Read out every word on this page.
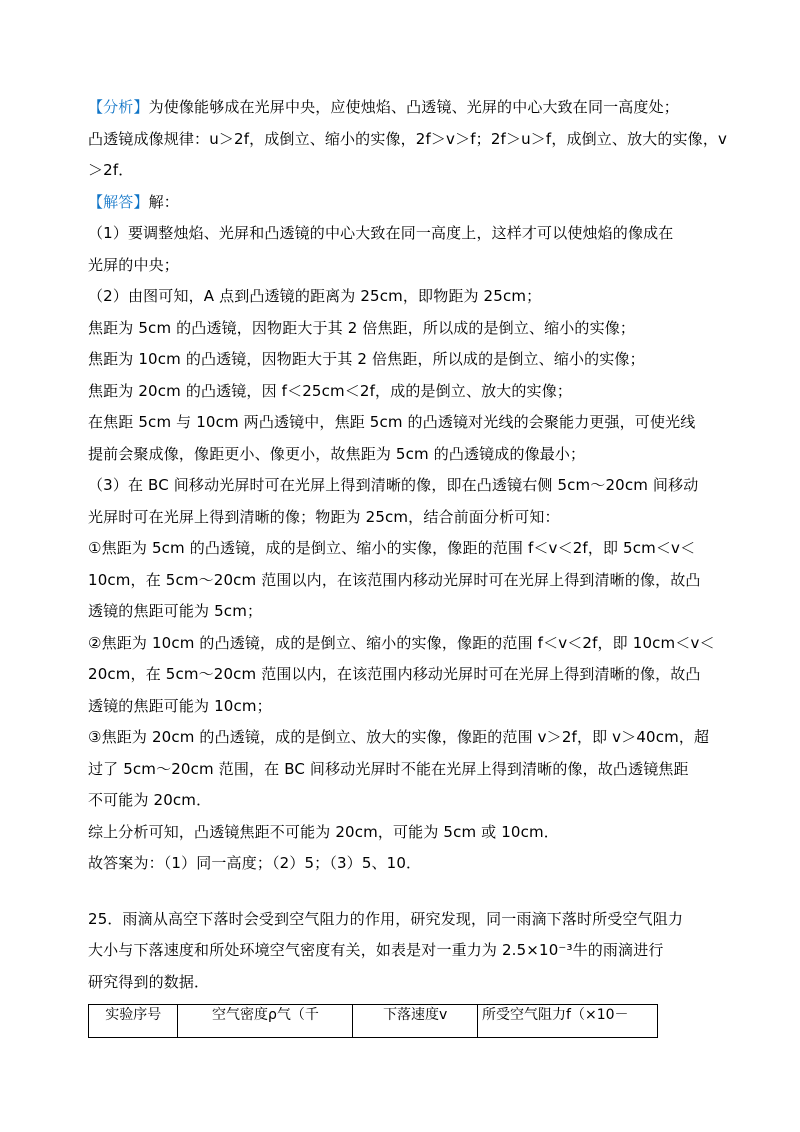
【分析】为使像能够成在光屏中央，应使烛焰、凸透镜、光屏的中心大致在同一高度处；
凸透镜成像规律：u＞2f，成倒立、缩小的实像，2f＞v＞f；2f＞u＞f，成倒立、放大的实像，v
＞2f．
【解答】解：
（1）要调整烛焰、光屏和凸透镜的中心大致在同一高度上，这样才可以使烛焰的像成在
光屏的中央；
（2）由图可知，A 点到凸透镜的距离为 25cm，即物距为 25cm；
焦距为 5cm 的凸透镜，因物距大于其 2 倍焦距，所以成的是倒立、缩小的实像；
焦距为 10cm 的凸透镜，因物距大于其 2 倍焦距，所以成的是倒立、缩小的实像；
焦距为 20cm 的凸透镜，因 f＜25cm＜2f，成的是倒立、放大的实像；
在焦距 5cm 与 10cm 两凸透镜中，焦距 5cm 的凸透镜对光线的会聚能力更强，可使光线
提前会聚成像，像距更小、像更小，故焦距为 5cm 的凸透镜成的像最小；
（3）在 BC 间移动光屏时可在光屏上得到清晰的像，即在凸透镜右侧 5cm～20cm 间移动
光屏时可在光屏上得到清晰的像；物距为 25cm，结合前面分析可知：
①焦距为 5cm 的凸透镜，成的是倒立、缩小的实像，像距的范围 f＜v＜2f，即 5cm＜v＜
10cm，在 5cm～20cm 范围以内，在该范围内移动光屏时可在光屏上得到清晰的像，故凸
透镜的焦距可能为 5cm；
②焦距为 10cm 的凸透镜，成的是倒立、缩小的实像，像距的范围 f＜v＜2f，即 10cm＜v＜
20cm，在 5cm～20cm 范围以内，在该范围内移动光屏时可在光屏上得到清晰的像，故凸
透镜的焦距可能为 10cm；
③焦距为 20cm 的凸透镜，成的是倒立、放大的实像，像距的范围 v＞2f，即 v＞40cm，超
过了 5cm～20cm 范围，在 BC 间移动光屏时不能在光屏上得到清晰的像，故凸透镜焦距
不可能为 20cm．
综上分析可知，凸透镜焦距不可能为 20cm，可能为 5cm 或 10cm．
故答案为：（1）同一高度；（2）5；（3）5、10．
25．雨滴从高空下落时会受到空气阻力的作用，研究发现，同一雨滴下落时所受空气阻力
大小与下落速度和所处环境空气密度有关，如表是对一重力为 2.5×10⁻³牛的雨滴进行
研究得到的数据．
实验序号	空气密度ρ气（千	下落速度v	所受空气阻力f（×10－
